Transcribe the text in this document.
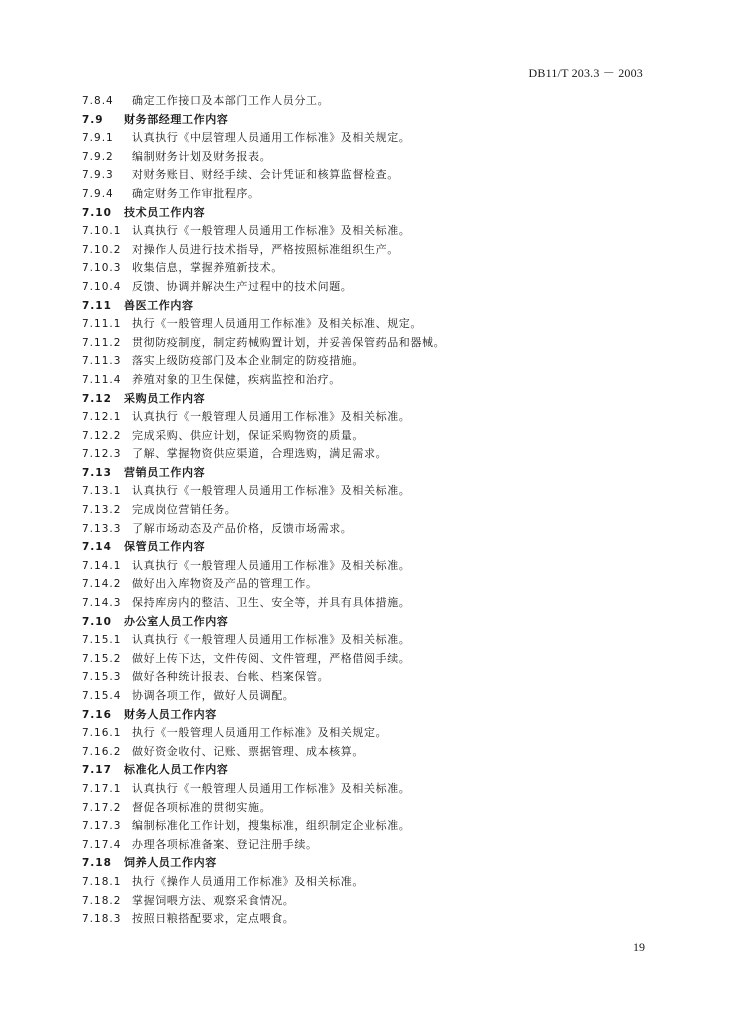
DB11/T 203.3 － 2003
7.8.4	确定工作接口及本部门工作人员分工。
7.9	财务部经理工作内容
7.9.1	认真执行《中层管理人员通用工作标准》及相关规定。
7.9.2	编制财务计划及财务报表。
7.9.3	对财务账目、财经手续、会计凭证和核算监督检查。
7.9.4	确定财务工作审批程序。
7.10	技术员工作内容
7.10.1 认真执行《一般管理人员通用工作标准》及相关标准。
7.10.2 对操作人员进行技术指导，严格按照标准组织生产。
7.10.3 收集信息，掌握养殖新技术。
7.10.4 反馈、协调并解决生产过程中的技术问题。
7.11	兽医工作内容
7.11.1 执行《一般管理人员通用工作标准》及相关标准、规定。
7.11.2 贯彻防疫制度，制定药械购置计划，并妥善保管药品和器械。
7.11.3 落实上级防疫部门及本企业制定的防疫措施。
7.11.4 养殖对象的卫生保健，疾病监控和治疗。
7.12	采购员工作内容
7.12.1 认真执行《一般管理人员通用工作标准》及相关标准。
7.12.2 完成采购、供应计划，保证采购物资的质量。
7.12.3 了解、掌握物资供应渠道，合理选购，满足需求。
7.13	营销员工作内容
7.13.1 认真执行《一般管理人员通用工作标准》及相关标准。
7.13.2 完成岗位营销任务。
7.13.3 了解市场动态及产品价格，反馈市场需求。
7.14	保管员工作内容
7.14.1 认真执行《一般管理人员通用工作标准》及相关标准。
7.14.2 做好出入库物资及产品的管理工作。
7.14.3 保持库房内的整洁、卫生、安全等，并具有具体措施。
7.10	办公室人员工作内容
7.15.1 认真执行《一般管理人员通用工作标准》及相关标准。
7.15.2 做好上传下达，文件传阅、文件管理，严格借阅手续。
7.15.3 做好各种统计报表、台帐、档案保管。
7.15.4 协调各项工作，做好人员调配。
7.16	财务人员工作内容
7.16.1 执行《一般管理人员通用工作标准》及相关规定。
7.16.2 做好资金收付、记账、票据管理、成本核算。
7.17	标准化人员工作内容
7.17.1 认真执行《一般管理人员通用工作标准》及相关标准。
7.17.2 督促各项标准的贯彻实施。
7.17.3 编制标准化工作计划，搜集标准，组织制定企业标准。
7.17.4 办理各项标准备案、登记注册手续。
7.18	饲养人员工作内容
7.18.1 执行《操作人员通用工作标准》及相关标准。
7.18.2 掌握饲喂方法、观察采食情况。
7.18.3 按照日粮搭配要求，定点喂食。
19
